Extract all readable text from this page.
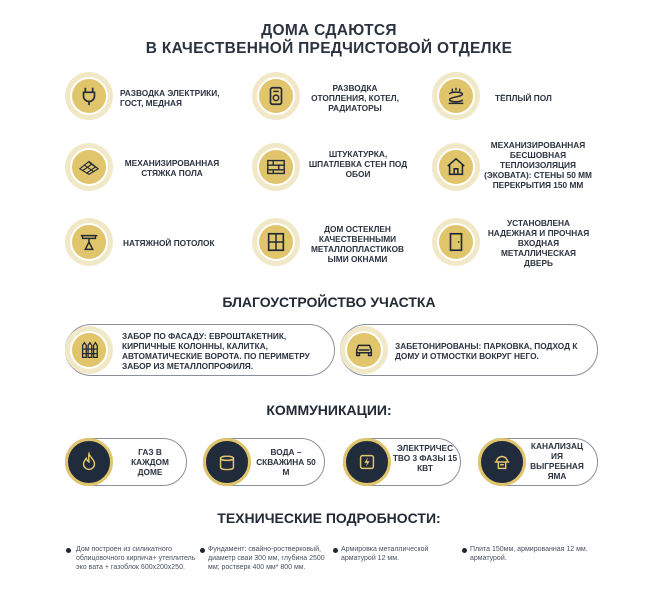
ДОМА СДАЮТСЯ
В КАЧЕСТВЕННОЙ ПРЕДЧИСТОВОЙ ОТДЕЛКЕ
РАЗВОДКА ЭЛЕКТРИКИ, ГОСТ, МЕДНАЯ
РАЗВОДКА ОТОПЛЕНИЯ, КОТЕЛ, РАДИАТОРЫ
ТЁПЛЫЙ ПОЛ
МЕХАНИЗИРОВАННАЯ СТЯЖКА ПОЛА
ШТУКАТУРКА, ШПАТЛЕВКА СТЕН ПОД ОБОИ
МЕХАНИЗИРОВАННАЯ БЕСШОВНАЯ ТЕПЛОИЗОЛЯЦИЯ (ЭКОВАТА): СТЕНЫ 50 ММ ПЕРЕКРЫТИЯ 150 ММ
НАТЯЖНОЙ ПОТОЛОК
ДОМ ОСТЕКЛЕН КАЧЕСТВЕННЫМИ МЕТАЛЛОПЛАСТИКОВ ЫМИ ОКНАМИ
УСТАНОВЛЕНА НАДЕЖНАЯ И ПРОЧНАЯ ВХОДНАЯ МЕТАЛЛИЧЕСКАЯ ДВЕРЬ
БЛАГОУСТРОЙСТВО УЧАСТКА
ЗАБОР ПО ФАСАДУ: ЕВРОШТАКЕТНИК, КИРПИЧНЫЕ КОЛОННЫ, КАЛИТКА, АВТОМАТИЧЕСКИЕ ВОРОТА. ПО ПЕРИМЕТРУ ЗАБОР ИЗ МЕТАЛЛОПРОФИЛЯ.
ЗАБЕТОНИРОВАНЫ: ПАРКОВКА, ПОДХОД К ДОМУ И ОТМОСТКИ ВОКРУГ НЕГО.
КОММУНИКАЦИИ:
ГАЗ В КАЖДОМ ДОМЕ
ВОДА – СКВАЖИНА 50 М
ЭЛЕКТРИЧЕС ТВО 3 ФАЗЫ 15 КВТ
КАНАЛИЗАЦ ИЯ ВЫГРЕБНАЯ ЯМА
ТЕХНИЧЕСКИЕ ПОДРОБНОСТИ:
Дом построен из силикатного облицовочного кирпича+ утеплитель эко вата + газоблок 600х200х250.
Фундамент: свайно-ростверковый, диаметр сваи 300 мм, глубина 2500 мм; ростверк 400 мм* 800 мм.
Армировка металлической арматурой 12 мм.
Плита 150мм, армированная 12 мм. арматурой.
